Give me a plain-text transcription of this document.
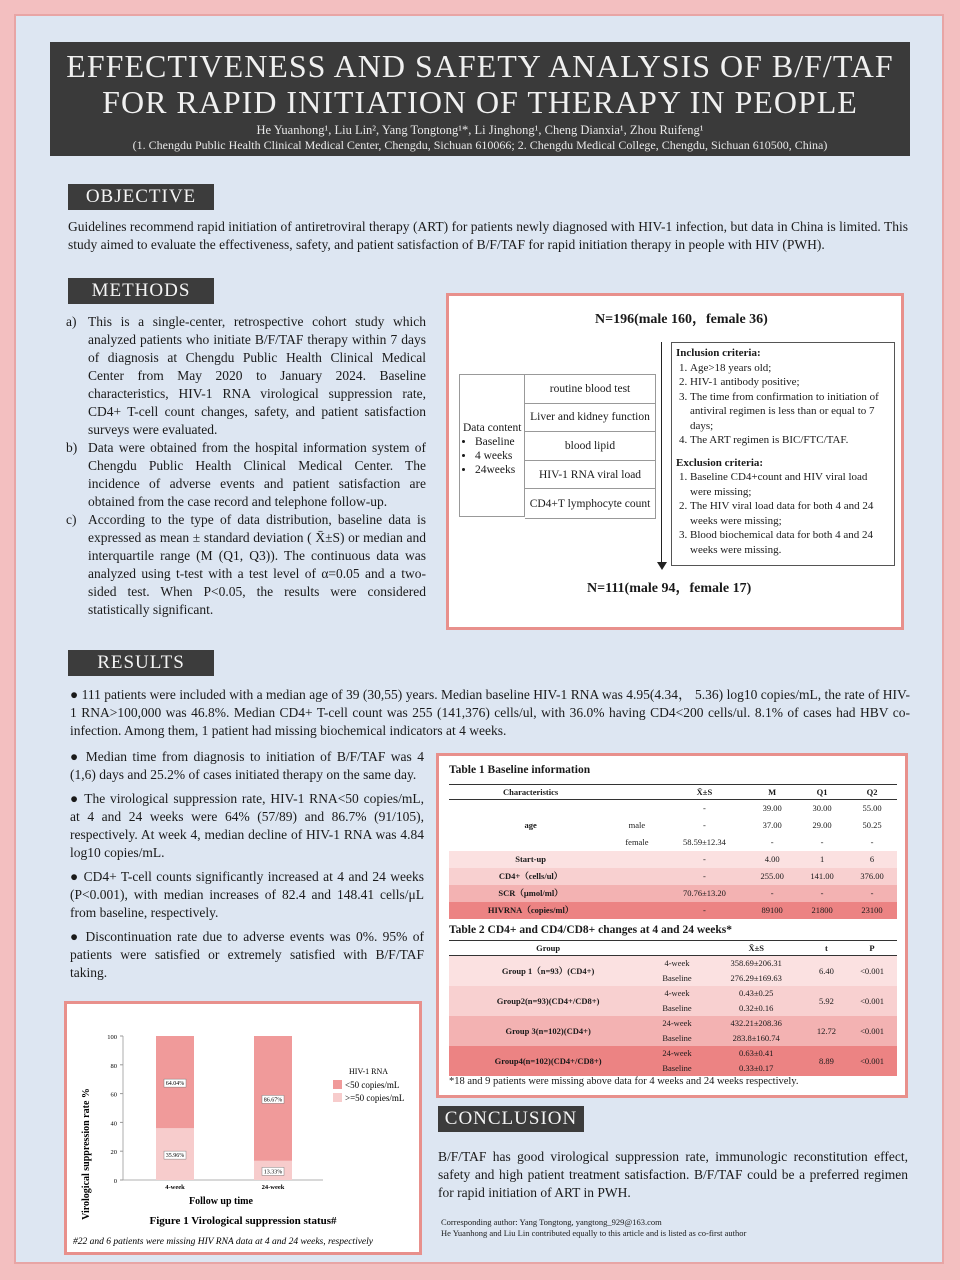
EFFECTIVENESS AND SAFETY ANALYSIS OF B/F/TAF
FOR RAPID INITIATION OF THERAPY IN PEOPLE
He Yuanhong¹, Liu Lin², Yang Tongtong¹*, Li Jinghong¹, Cheng Dianxia¹, Zhou Ruifeng¹
(1. Chengdu Public Health Clinical Medical Center, Chengdu, Sichuan 610066; 2. Chengdu Medical College, Chengdu, Sichuan 610500, China)
OBJECTIVE
Guidelines recommend rapid initiation of antiretroviral therapy (ART) for patients newly diagnosed with HIV-1 infection, but data in China is limited. This study aimed to evaluate the effectiveness, safety, and patient satisfaction of B/F/TAF for rapid initiation therapy in people with HIV (PWH).
METHODS
a) This is a single-center, retrospective cohort study which analyzed patients who initiate B/F/TAF therapy within 7 days of diagnosis at Chengdu Public Health Clinical Medical Center from May 2020 to January 2024. Baseline characteristics, HIV-1 RNA virological suppression rate, CD4+ T-cell count changes, safety, and patient satisfaction surveys were evaluated.
b) Data were obtained from the hospital information system of Chengdu Public Health Clinical Medical Center. The incidence of adverse events and patient satisfaction are obtained from the case record and telephone follow-up.
c) According to the type of data distribution, baseline data is expressed as mean ± standard deviation ( X̄±S) or median and interquartile range (M (Q1, Q3)). The continuous data was analyzed using t-test with a test level of α=0.05 and a two-sided test. When P<0.05, the results were considered statistically significant.
N=196(male 160，female 36)
Data content
• Baseline
• 4 weeks
• 24weeks
routine blood test
Liver and kidney function
blood lipid
HIV-1 RNA viral load
CD4+T lymphocyte count
Inclusion criteria:
1. Age>18 years old;
2. HIV-1 antibody positive;
3. The time from confirmation to initiation of antiviral regimen is less than or equal to 7 days;
4. The ART regimen is BIC/FTC/TAF.
Exclusion criteria:
1. Baseline CD4+count and HIV viral load were missing;
2. The HIV viral load data for both 4 and 24 weeks were missing;
3. Blood biochemical data for both 4 and 24 weeks were missing.
N=111(male 94，female 17)
RESULTS
● 111 patients were included with a median age of 39 (30,55) years. Median baseline HIV-1 RNA was 4.95(4.34， 5.36) log10 copies/mL, the rate of HIV-1 RNA>100,000 was 46.8%. Median CD4+ T-cell count was 255 (141,376) cells/ul, with 36.0% having CD4<200 cells/ul. 8.1% of cases had HBV co-infection. Among them, 1 patient had missing biochemical indicators at 4 weeks.

● Median time from diagnosis to initiation of B/F/TAF was 4 (1,6) days and 25.2% of cases initiated therapy on the same day.

● The virological suppression rate, HIV-1 RNA<50 copies/mL, at 4 and 24 weeks were 64% (57/89) and 86.7% (91/105), respectively. At week 4, median decline of HIV-1 RNA was 4.84 log10 copies/mL.

● CD4+ T-cell counts significantly increased at 4 and 24 weeks (P<0.001), with median increases of 82.4 and 148.41 cells/μL from baseline, respectively.

● Discontinuation rate due to adverse events was 0%. 95% of patients were satisfied or extremely satisfied with B/F/TAF taking.

Table 1 Baseline information
Characteristics		X̄±S	M	Q1	Q2
		-	39.00	30.00	55.00
age	male	-	37.00	29.00	50.25
	female	58.59±12.34	-	-	-
Start-up		-	4.00	1	6
CD4+（cells/ul）		-	255.00	141.00	376.00
SCR（μmol/ml）		70.76±13.20	-	-	-
HIVRNA（copies/ml）		-	89100	21800	23100
Table 2 CD4+ and CD4/CD8+ changes at 4 and 24 weeks*
Group		X̄±S	t	P
Group 1（n=93）(CD4+)	4-week	358.69±206.31	6.40	<0.001
	Baseline	276.29±169.63		
Group2(n=93)(CD4+/CD8+)	4-week	0.43±0.25	5.92	<0.001
	Baseline	0.32±0.16		
Group 3(n=102)(CD4+)	24-week	432.21±208.36	12.72	<0.001
	Baseline	283.8±160.74		
Group4(n=102)(CD4+/CD8+)	24-week	0.63±0.41	8.89	<0.001
	Baseline	0.33±0.17		
*18 and 9 patients were missing above data for 4 weeks and 24 weeks respectively.
0
20
40
60
80
100
64.04%
35.96%
4-week
86.67%
13.33%
24-week
Virological suppression rate %	Follow up time
HIV-1 RNA
<50 copies/mL
>=50 copies/mL
Figure 1 Virological suppression status#
#22 and 6 patients were missing HIV RNA data at 4 and 24 weeks, respectively
CONCLUSION
B/F/TAF has good virological suppression rate, immunologic reconstitution effect, safety and high patient treatment satisfaction. B/F/TAF could be a preferred regimen for rapid initiation of ART in PWH.
Corresponding author: Yang Tongtong, yangtong_929@163.com
He Yuanhong and Liu Lin contributed equally to this article and is listed as co-first author
